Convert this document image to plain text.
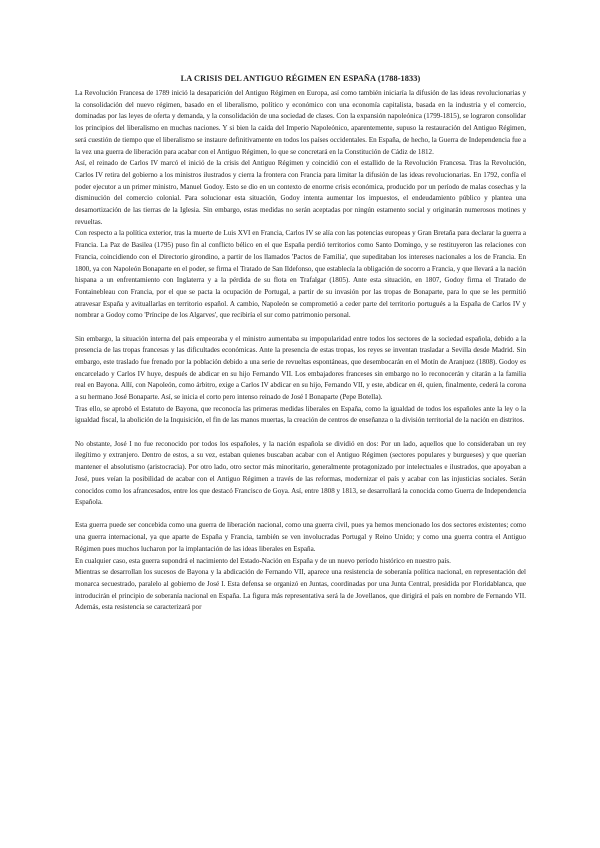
LA CRISIS DEL ANTIGUO RÉGIMEN EN ESPAÑA (1788-1833)

La Revolución Francesa de 1789 inició la desaparición del Antiguo Régimen en Europa, así como también iniciaría la difusión de las ideas revolucionarias y la consolidación del nuevo régimen, basado en el liberalismo, político y económico con una economía capitalista, basada en la industria y el comercio, dominadas por las leyes de oferta y demanda, y la consolidación de una sociedad de clases. Con la expansión napoleónica (1799-1815), se lograron consolidar los principios del liberalismo en muchas naciones. Y si bien la caída del Imperio Napoleónico, aparentemente, supuso la restauración del Antiguo Régimen, será cuestión de tiempo que el liberalismo se instaure definitivamente en todos los países occidentales. En España, de hecho, la Guerra de Independencia fue a la vez una guerra de liberación para acabar con el Antiguo Régimen, lo que se concretará en la Constitución de Cádiz de 1812.

Así, el reinado de Carlos IV marcó el inició de la crisis del Antiguo Régimen y coincidió con el estallido de la Revolución Francesa. Tras la Revolución, Carlos IV retira del gobierno a los ministros ilustrados y cierra la frontera con Francia para limitar la difusión de las ideas revolucionarias. En 1792, confía el poder ejecutor a un primer ministro, Manuel Godoy. Esto se dio en un contexto de enorme crisis económica, producido por un período de malas cosechas y la disminución del comercio colonial. Para solucionar esta situación, Godoy intenta aumentar los impuestos, el endeudamiento público y plantea una desamortización de las tierras de la Iglesia. Sin embargo, estas medidas no serán aceptadas por ningún estamento social y originarán numerosos motines y revueltas.

Con respecto a la política exterior, tras la muerte de Luis XVI en Francia, Carlos IV se alía con las potencias europeas y Gran Bretaña para declarar la guerra a Francia. La Paz de Basilea (1795) puso fin al conflicto bélico en el que España perdió territorios como Santo Domingo, y se restituyeron las relaciones con Francia, coincidiendo con el Directorio girondino, a partir de los llamados 'Pactos de Familia', que supeditaban los intereses nacionales a los de Francia. En 1800, ya con Napoleón Bonaparte en el poder, se firma el Tratado de San Ildefonso, que establecía la obligación de socorro a Francia, y que llevará a la nación hispana a un enfrentamiento con Inglaterra y a la pérdida de su flota en Trafalgar (1805). Ante esta situación, en 1807, Godoy firma el Tratado de Fontainebleau con Francia, por el que se pacta la ocupación de Portugal, a partir de su invasión por las tropas de Bonaparte, para lo que se les permitió atravesar España y avituallarlas en territorio español. A cambio, Napoleón se comprometió a ceder parte del territorio portugués a la España de Carlos IV y nombrar a Godoy como 'Príncipe de los Algarves', que recibiría el sur como patrimonio personal.

Sin embargo, la situación interna del país empeoraba y el ministro aumentaba su impopularidad entre todos los sectores de la sociedad española, debido a la presencia de las tropas francesas y las dificultades económicas. Ante la presencia de estas tropas, los reyes se inventan trasladar a Sevilla desde Madrid. Sin embargo, este traslado fue frenado por la población debido a una serie de revueltas espontáneas, que desembocarán en el Motín de Aranjuez (1808). Godoy es encarcelado y Carlos IV huye, después de abdicar en su hijo Fernando VII. Los embajadores franceses sin embargo no lo reconocerán y citarán a la familia real en Bayona. Allí, con Napoleón, como árbitro, exige a Carlos IV abdicar en su hijo, Fernando VII, y este, abdicar en él, quien, finalmente, cederá la corona a su hermano José Bonaparte. Así, se inicia el corto pero intenso reinado de José I Bonaparte (Pepe Botella).

Tras ello, se aprobó el Estatuto de Bayona, que reconocía las primeras medidas liberales en España, como la igualdad de todos los españoles ante la ley o la igualdad fiscal, la abolición de la Inquisición, el fin de las manos muertas, la creación de centros de enseñanza o la división territorial de la nación en distritos.

No obstante, José I no fue reconocido por todos los españoles, y la nación española se dividió en dos: Por un lado, aquellos que lo consideraban un rey ilegítimo y extranjero. Dentro de estos, a su vez, estaban quienes buscaban acabar con el Antiguo Régimen (sectores populares y burgueses) y que querían mantener el absolutismo (aristocracia). Por otro lado, otro sector más minoritario, generalmente protagonizado por intelectuales e ilustrados, que apoyaban a José, pues veían la posibilidad de acabar con el Antiguo Régimen a través de las reformas, modernizar el país y acabar con las injusticias sociales. Serán conocidos como los afrancesados, entre los que destacó Francisco de Goya. Así, entre 1808 y 1813, se desarrollará la conocida como Guerra de Independencia Española.

Esta guerra puede ser concebida como una guerra de liberación nacional, como una guerra civil, pues ya hemos mencionado los dos sectores existentes; como una guerra internacional, ya que aparte de España y Francia, también se ven involucradas Portugal y Reino Unido; y como una guerra contra el Antiguo Régimen pues muchos lucharon por la implantación de las ideas liberales en España.

En cualquier caso, esta guerra supondrá el nacimiento del Estado-Nación en España y de un nuevo período histórico en nuestro país.

Mientras se desarrollan los sucesos de Bayona y la abdicación de Fernando VII, aparece una resistencia de soberanía política nacional, en representación del monarca secuestrado, paralelo al gobierno de José I. Esta defensa se organizó en Juntas, coordinadas por una Junta Central, presidida por Floridablanca, que introducirán el principio de soberanía nacional en España. La figura más representativa será la de Jovellanos, que dirigirá el país en nombre de Fernando VII. Además, esta resistencia se caracterizará por
